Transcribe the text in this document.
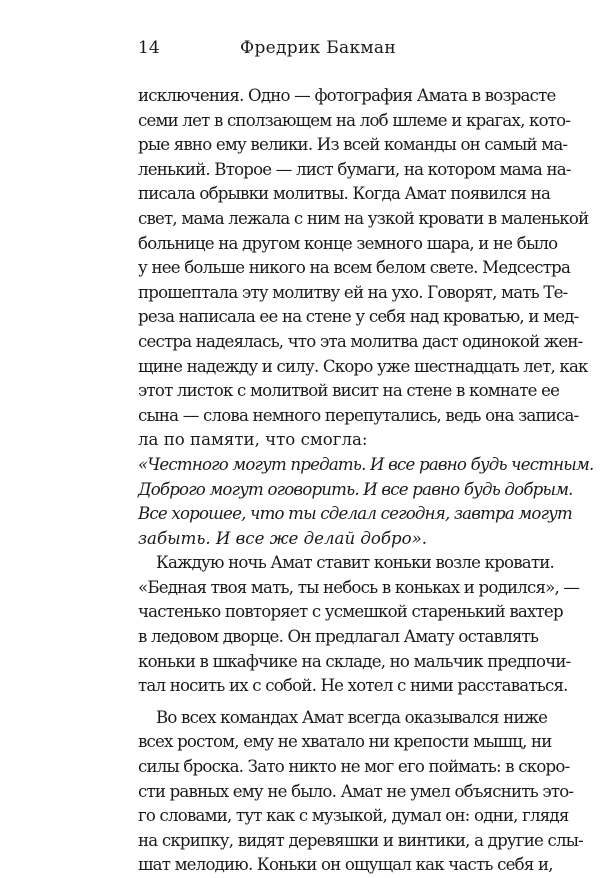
14	Фредрик Бакман
исключения. Одно — фотография Амата в возрасте
семи лет в сползающем на лоб шлеме и крагах, кото-
рые явно ему велики. Из всей команды он самый ма-
ленький. Второе — лист бумаги, на котором мама на-
писала обрывки молитвы. Когда Амат появился на
свет, мама лежала с ним на узкой кровати в маленькой
больнице на другом конце земного шара, и не было
у нее больше никого на всем белом свете. Медсестра
прошептала эту молитву ей на ухо. Говорят, мать Те-
реза написала ее на стене у себя над кроватью, и мед-
сестра надеялась, что эта молитва даст одинокой жен-
щине надежду и силу. Скоро уже шестнадцать лет, как
этот листок с молитвой висит на стене в комнате ее
сына — слова немного перепутались, ведь она записа-
ла по памяти, что смогла:
«Честного могут предать. И все равно будь честным.
Доброго могут оговорить. И все равно будь добрым.
Все хорошее, что ты сделал сегодня, завтра могут
забыть. И все же делай добро».
Каждую ночь Амат ставит коньки возле кровати.
«Бедная твоя мать, ты небось в коньках и родился», —
частенько повторяет с усмешкой старенький вахтер
в ледовом дворце. Он предлагал Амату оставлять
коньки в шкафчике на складе, но мальчик предпочи-
тал носить их с собой. Не хотел с ними расставаться.
Во всех командах Амат всегда оказывался ниже
всех ростом, ему не хватало ни крепости мышц, ни
силы броска. Зато никто не мог его поймать: в скоро-
сти равных ему не было. Амат не умел объяснить это-
го словами, тут как с музыкой, думал он: одни, глядя
на скрипку, видят деревяшки и винтики, а другие слы-
шат мелодию. Коньки он ощущал как часть себя и,
